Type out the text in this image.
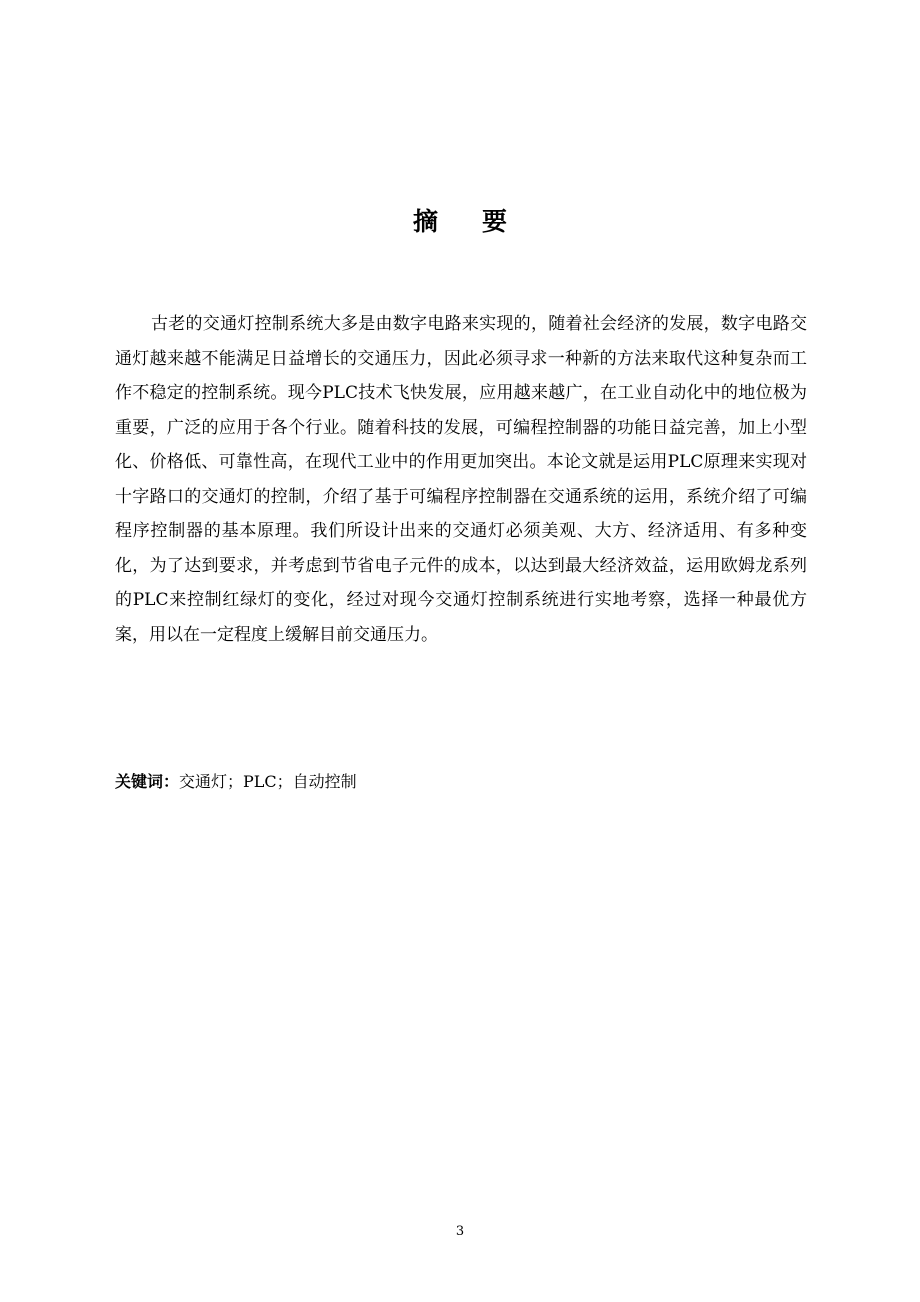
摘要

古老的交通灯控制系统大多是由数字电路来实现的，随着社会经济的发展，数字电路交通灯越来越不能满足日益增长的交通压力，因此必须寻求一种新的方法来取代这种复杂而工作不稳定的控制系统。现今PLC技术飞快发展，应用越来越广，在工业自动化中的地位极为重要，广泛的应用于各个行业。随着科技的发展，可编程控制器的功能日益完善，加上小型化、价格低、可靠性高，在现代工业中的作用更加突出。本论文就是运用PLC原理来实现对十字路口的交通灯的控制，介绍了基于可编程序控制器在交通系统的运用，系统介绍了可编程序控制器的基本原理。我们所设计出来的交通灯必须美观、大方、经济适用、有多种变化，为了达到要求，并考虑到节省电子元件的成本，以达到最大经济效益，运用欧姆龙系列的PLC来控制红绿灯的变化，经过对现今交通灯控制系统进行实地考察，选择一种最优方案，用以在一定程度上缓解目前交通压力。

关键词：交通灯；PLC；自动控制

3
